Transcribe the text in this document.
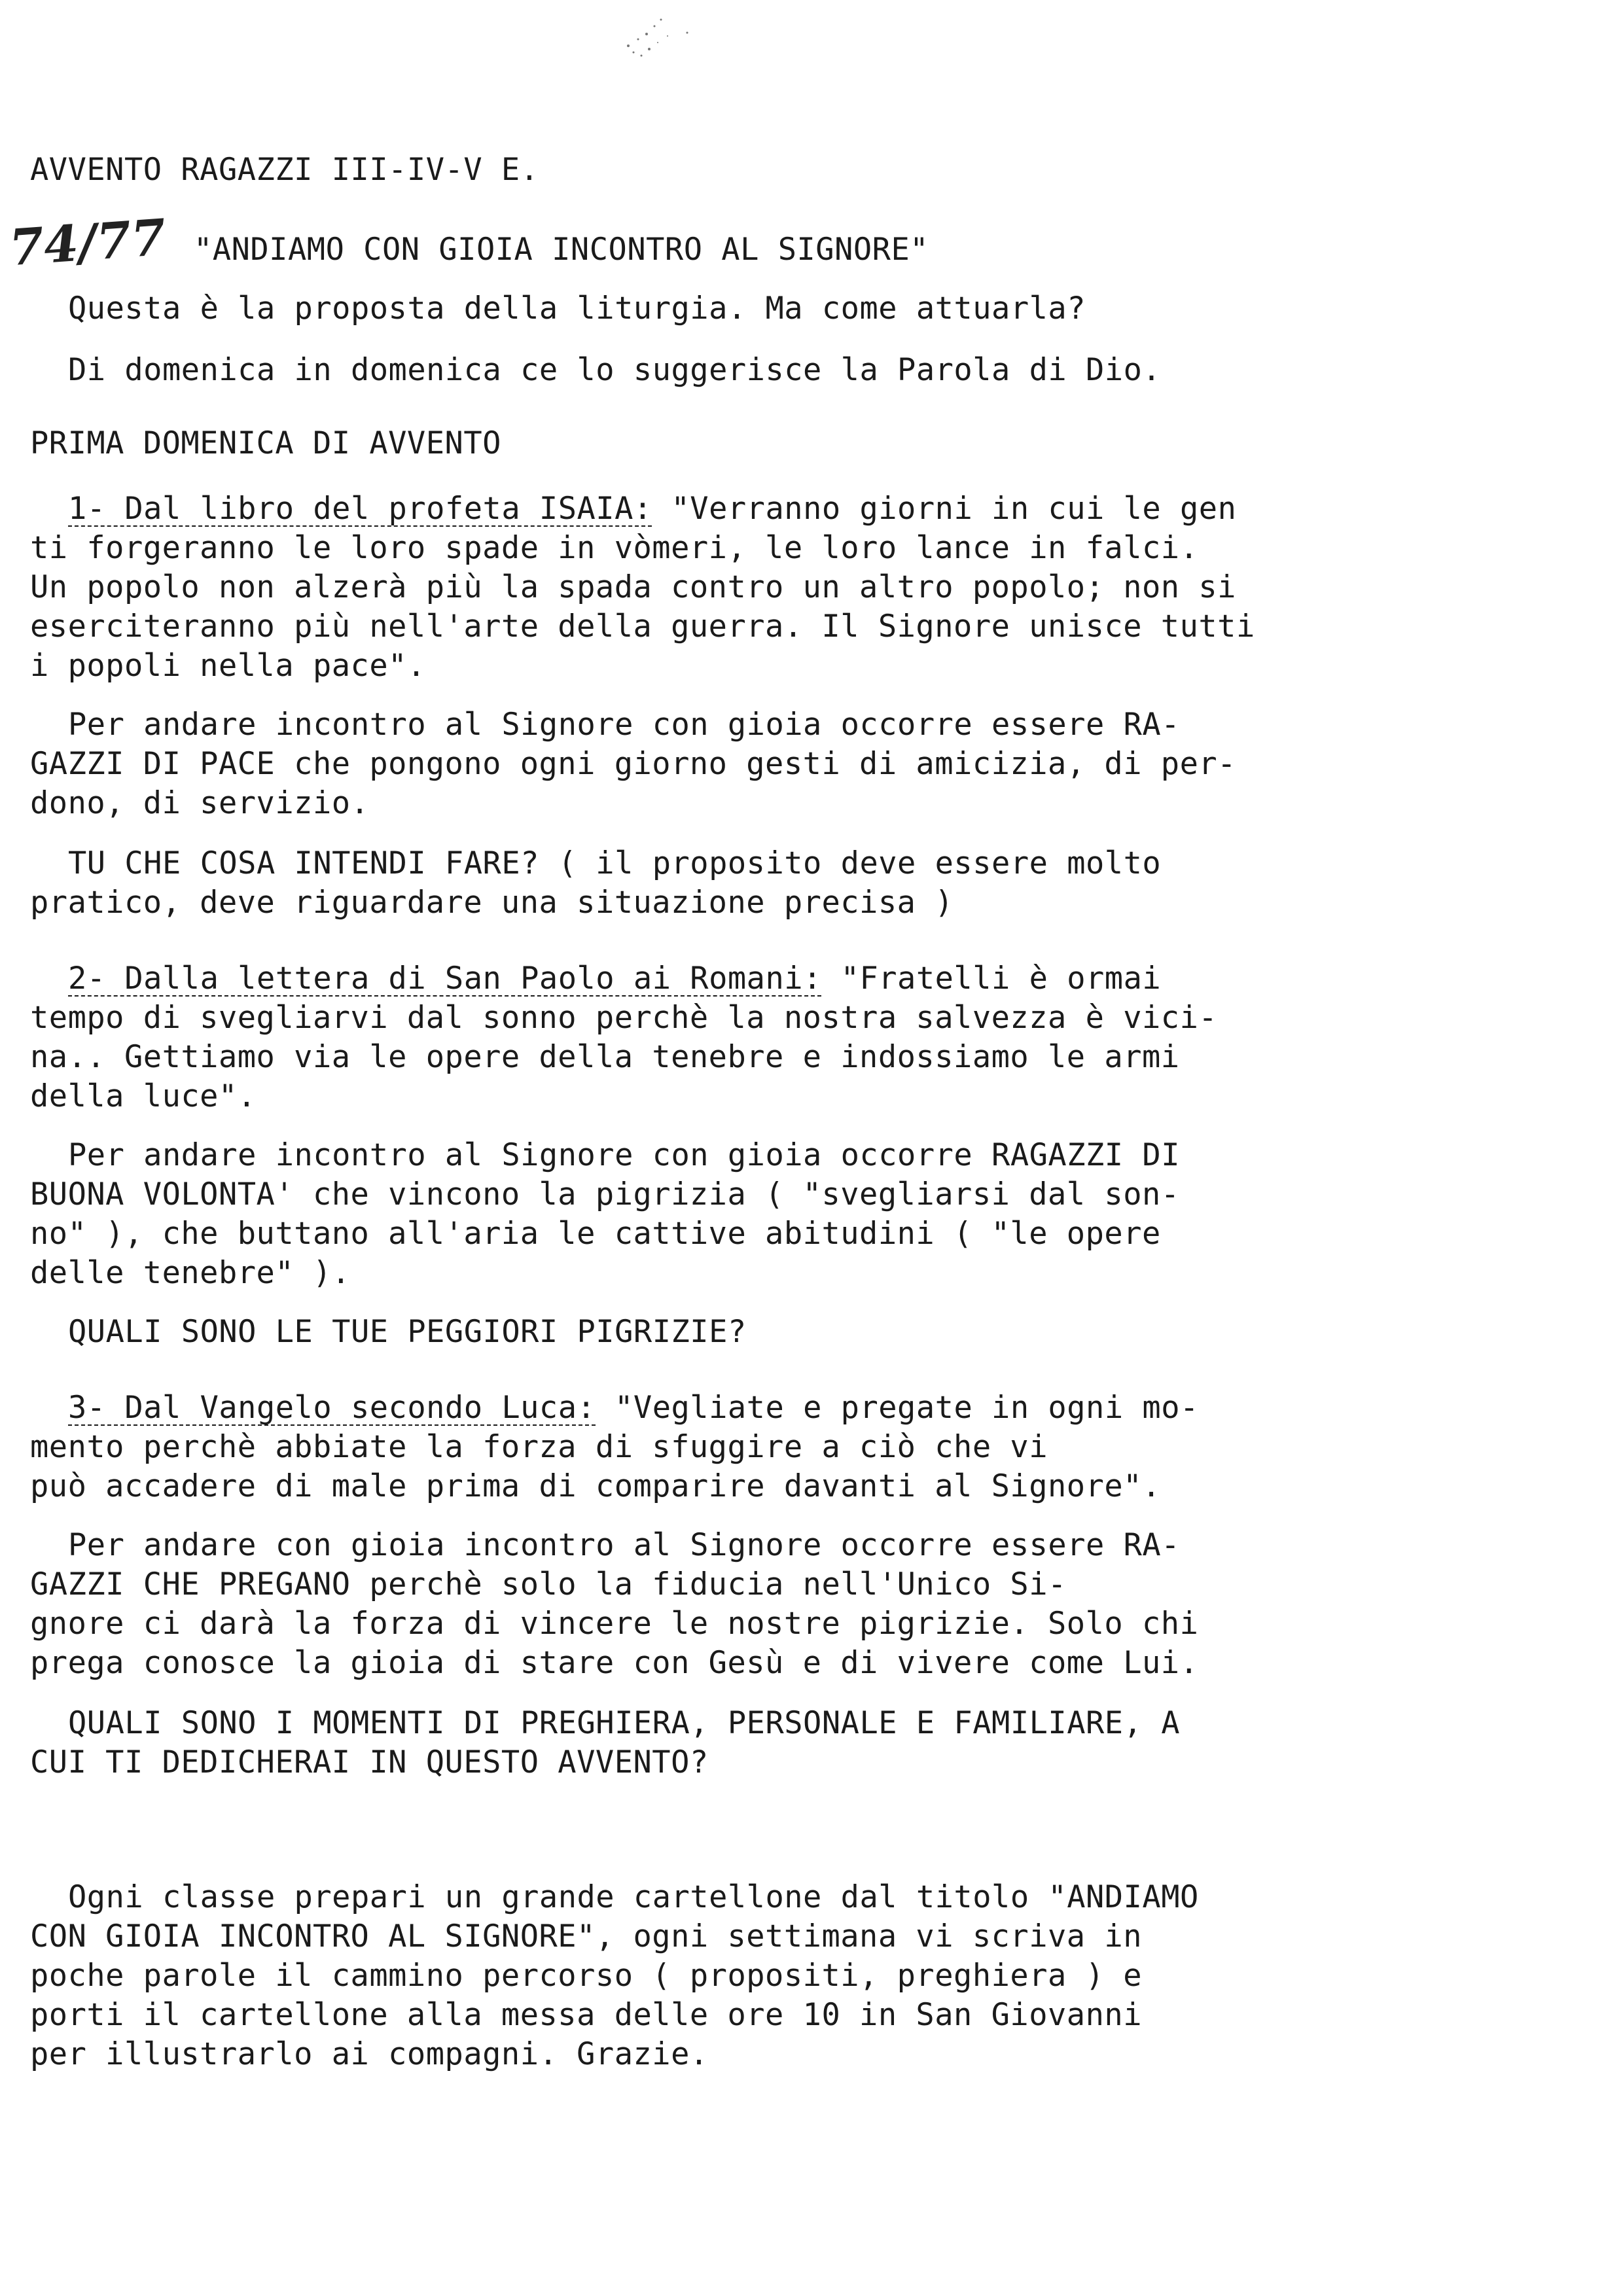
AVVENTO RAGAZZI III-IV-V E.
74/77 "ANDIAMO CON GIOIA INCONTRO AL SIGNORE"
Questa è la proposta della liturgia. Ma come attuarla?
Di domenica in domenica ce lo suggerisce la Parola di Dio.
PRIMA DOMENICA DI AVVENTO
1- Dal libro del profeta ISAIA: "Verranno giorni in cui le gen
ti forgeranno le loro spade in vòmeri, le loro lance in falci.
Un popolo non alzerà più la spada contro un altro popolo; non si
eserciteranno più nell'arte della guerra. Il Signore unisce tutti
i popoli nella pace".
Per andare incontro al Signore con gioia occorre essere RA-
GAZZI DI PACE che pongono ogni giorno gesti di amicizia, di per-
dono, di servizio.
TU CHE COSA INTENDI FARE? ( il proposito deve essere molto
pratico, deve riguardare una situazione precisa )
2- Dalla lettera di San Paolo ai Romani: "Fratelli è ormai
tempo di svegliarvi dal sonno perchè la nostra salvezza è vici-
na.. Gettiamo via le opere della tenebre e indossiamo le armi
della luce".
Per andare incontro al Signore con gioia occorre RAGAZZI DI
BUONA VOLONTA' che vincono la pigrizia ( "svegliarsi dal son-
no" ), che buttano all'aria le cattive abitudini ( "le opere
delle tenebre" ).
QUALI SONO LE TUE PEGGIORI PIGRIZIE?
3- Dal Vangelo secondo Luca: "Vegliate e pregate in ogni mo-
mento perchè abbiate la forza di sfuggire a ciò che vi
può accadere di male prima di comparire davanti al Signore".
Per andare con gioia incontro al Signore occorre essere RA-
GAZZI CHE PREGANO perchè solo la fiducia nell'Unico Si-
gnore ci darà la forza di vincere le nostre pigrizie. Solo chi
prega conosce la gioia di stare con Gesù e di vivere come Lui.
QUALI SONO I MOMENTI DI PREGHIERA, PERSONALE E FAMILIARE, A
CUI TI DEDICHERAI IN QUESTO AVVENTO?
Ogni classe prepari un grande cartellone dal titolo "ANDIAMO
CON GIOIA INCONTRO AL SIGNORE", ogni settimana vi scriva in
poche parole il cammino percorso ( propositi, preghiera ) e
porti il cartellone alla messa delle ore 10 in San Giovanni
per illustrarlo ai compagni. Grazie.
